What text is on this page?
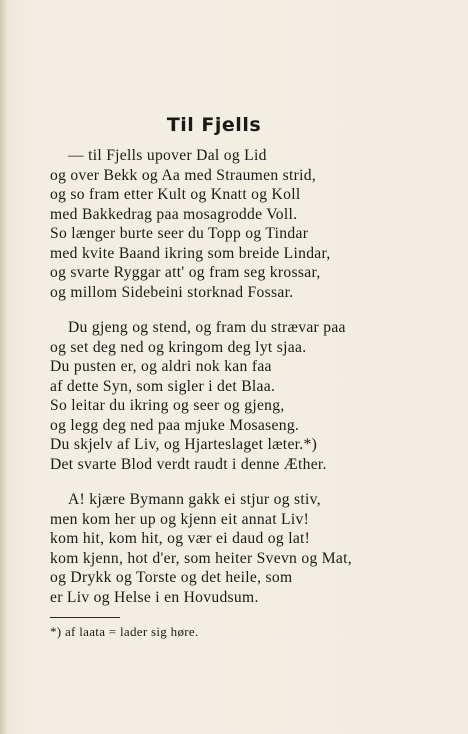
Til Fjells
— til Fjells upover Dal og Lid
og over Bekk og Aa med Straumen strid,
og so fram etter Kult og Knatt og Koll
med Bakkedrag paa mosagrodde Voll.
So længer burte seer du Topp og Tindar
med kvite Baand ikring som breide Lindar,
og svarte Ryggar att' og fram seg krossar,
og millom Sidebeini storknad Fossar.
Du gjeng og stend, og fram du strævar paa
og set deg ned og kringom deg lyt sjaa.
Du pusten er, og aldri nok kan faa
af dette Syn, som sigler i det Blaa.
So leitar du ikring og seer og gjeng,
og legg deg ned paa mjuke Mosaseng.
Du skjelv af Liv, og Hjarteslaget læter.*)
Det svarte Blod verdt raudt i denne Æther.
A! kjære Bymann gakk ei stjur og stiv,
men kom her up og kjenn eit annat Liv!
kom hit, kom hit, og vær ei daud og lat!
kom kjenn, hot d'er, som heiter Svevn og Mat,
og Drykk og Torste og det heile, som
er Liv og Helse i en Hovudsum.
*) af laata = lader sig høre.
